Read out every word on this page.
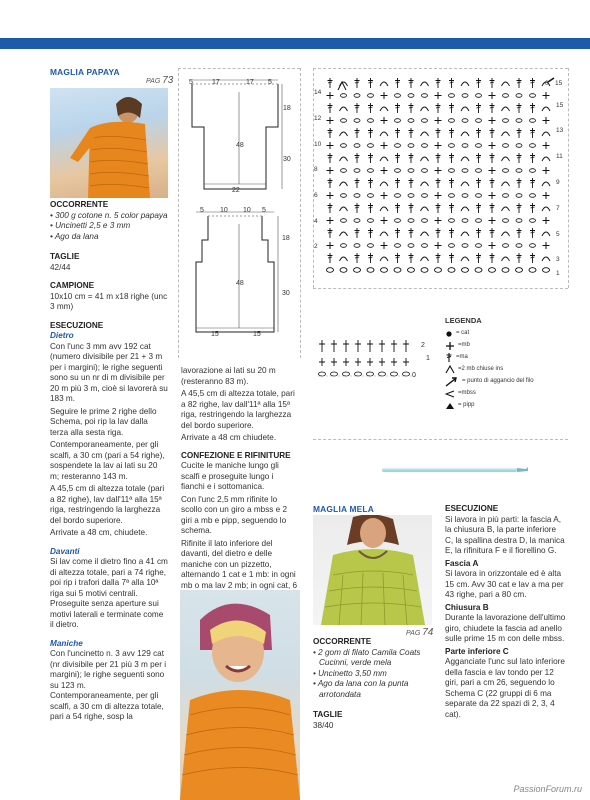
MAGLIA PAPAYA
PAG 73
OCCORRENTE
• 300 g cotone n. 5 color papaya
• Uncinetti 2,5 e 3 mm
• Ago da lana
TAGLIE

42/44

CAMPIONE

10x10 cm = 41 m x18 righe (unc 3 mm)

ESECUZIONE
Dietro

Con l'unc 3 mm avv 192 cat (numero divisibile per 21 + 3 m per i margini); le righe seguenti sono su un nr di m divisibile per 20 m più 3 m, cioè si lavorerà su 183 m.

Seguire le prime 2 righe dello Schema, poi rip la lav dalla terza alla sesta riga.

Contemporaneamente, per gli scalfi, a 30 cm (pari a 54 righe), sospendete la lav ai lati su 20 m; resteranno 143 m.

A 45,5 cm di altezza totale (pari a 82 righe), lav dall'11ª alla 15ª riga, restringendo la larghezza del bordo superiore.

Arrivate a 48 cm, chiudete.

Davanti

Si lav come il dietro fino a 41 cm di altezza totale, pari a 74 righe, poi rip i trafori dalla 7ª alla 10ª riga sui 5 motivi centrali. Proseguite senza aperture sui motivi laterali e terminate come il dietro.

Maniche

Con l'uncinetto n. 3 avv 129 cat (nr divisibile per 21 più 3 m per i margini); le righe seguenti sono su 123 m. Contemporaneamente, per gli scalfi, a 30 cm di altezza totale, pari a 54 righe, sosp la

lavorazione ai lati su 20 m (resteranno 83 m).

A 45,5 cm di altezza totale, pari a 82 righe, lav dall'11ª alla 15ª riga, restringendo la larghezza del bordo superiore.

Arrivate a 48 cm chiudete.

CONFEZIONE E RIFINITURE

Cucite le maniche lungo gli scalfi e proseguite lungo i fianchi e i sottomanica.

Con l'unc 2,5 mm rifinite lo scollo con un giro a mbss e 2 giri a mb e pipp, seguendo lo schema.

Rifinite il lato inferiore del davanti, del dietro e delle maniche con un pizzetto, alternando 1 cat e 1 mb: in ogni mb o ma lav 2 mb; in ogni cat, 6

5	17	17 5
18
30
48
22
5 10 10 5
18
30
48
15	15
14
12
10
8
6
4
2
0 15
15
13
11
9
7
5
3
1
2
1
0
LEGENDA
= cat
=mb
=ma
=2 mb chiuse ins
= punto di aggancio del filo
=mbss
= pipp
MAGLIA MELA
PAG 74
OCCORRENTE
• 2 gom di filato Camila Coats Cucinni, verde mela
• Uncinetto 3,50 mm
• Ago da lana con la punta arrotondata
TAGLIE

38/40

ESECUZIONE

Si lavora in più parti: la fascia A, la chiusura B, la parte inferiore C, la spallina destra D, la manica E, la rifinitura F e il fiorellino G.

Fascia A

Si lavora in orizzontale ed è alta 15 cm. Avv 30 cat e lav a ma per 43 righe, pari a 80 cm.

Chiusura B

Durante la lavorazione dell'ultimo giro, chiudete la fascia ad anello sulle prime 15 m con delle mbss.

Parte inferiore C

Agganciate l'unc sul lato inferiore della fascia e lav tondo per 12 giri, pari a cm 26, seguendo lo Schema C (22 gruppi di 6 ma separate da 22 spazi di 2, 3, 4 cat).

PassionForum.ru
